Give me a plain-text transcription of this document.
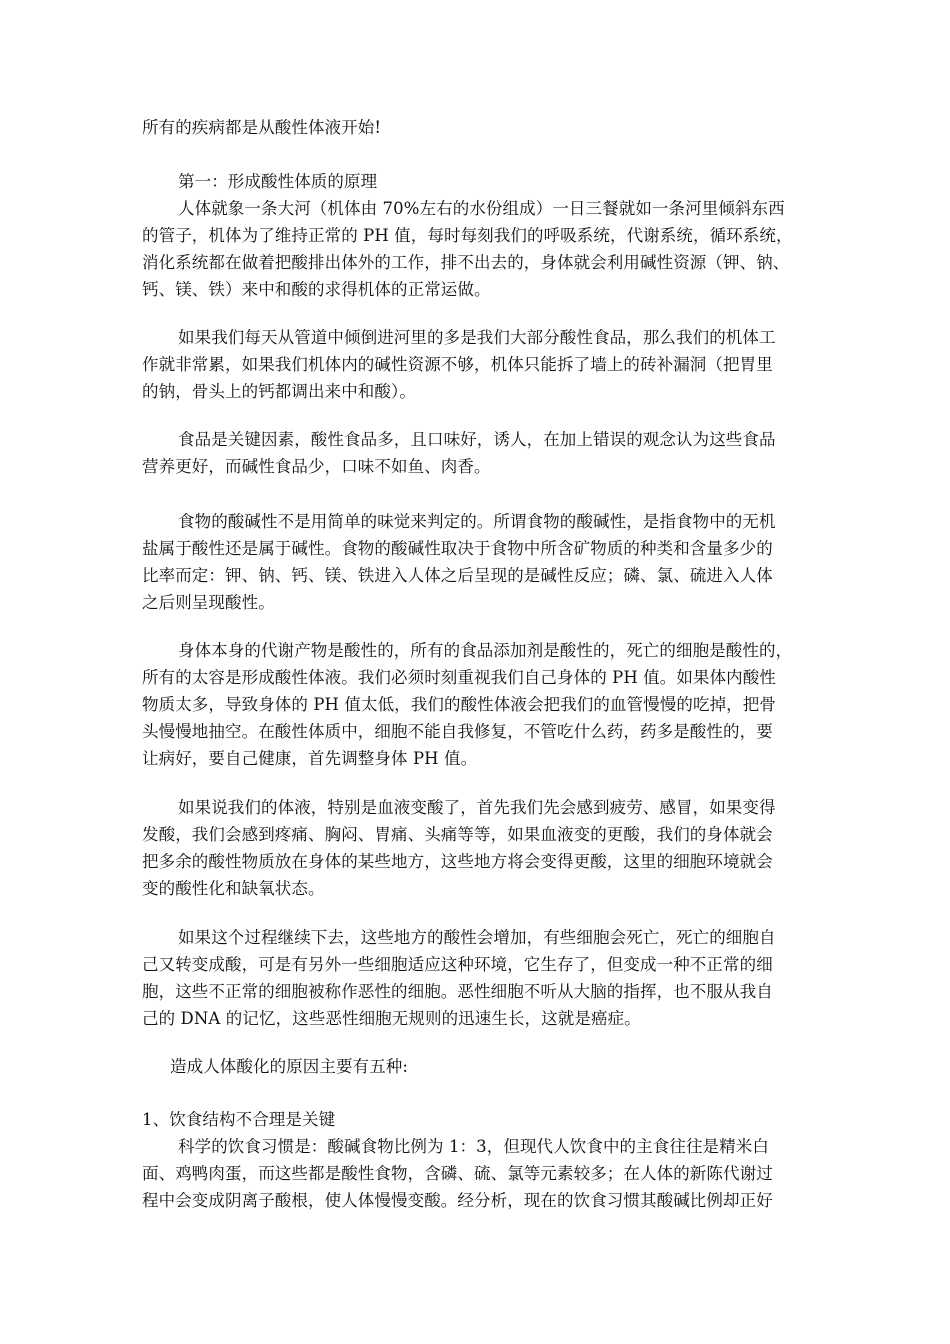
所有的疾病都是从酸性体液开始!
第一：形成酸性体质的原理
人体就象一条大河（机体由 70%左右的水份组成）一日三餐就如一条河里倾斜东西
的管子，机体为了维持正常的 PH 值，每时每刻我们的呼吸系统，代谢系统，循环系统，
消化系统都在做着把酸排出体外的工作，排不出去的，身体就会利用碱性资源（钾、钠、
钙、镁、铁）来中和酸的求得机体的正常运做。
如果我们每天从管道中倾倒进河里的多是我们大部分酸性食品，那么我们的机体工
作就非常累，如果我们机体内的碱性资源不够，机体只能拆了墙上的砖补漏洞（把胃里
的钠，骨头上的钙都调出来中和酸）。
食品是关键因素，酸性食品多，且口味好，诱人，在加上错误的观念认为这些食品
营养更好，而碱性食品少，口味不如鱼、肉香。
食物的酸碱性不是用简单的味觉来判定的。所谓食物的酸碱性，是指食物中的无机
盐属于酸性还是属于碱性。食物的酸碱性取决于食物中所含矿物质的种类和含量多少的
比率而定：钾、钠、钙、镁、铁进入人体之后呈现的是碱性反应；磷、氯、硫进入人体
之后则呈现酸性。
身体本身的代谢产物是酸性的，所有的食品添加剂是酸性的，死亡的细胞是酸性的，
所有的太容是形成酸性体液。我们必须时刻重视我们自己身体的 PH 值。如果体内酸性
物质太多，导致身体的 PH 值太低，我们的酸性体液会把我们的血管慢慢的吃掉，把骨
头慢慢地抽空。在酸性体质中，细胞不能自我修复，不管吃什么药，药多是酸性的，要
让病好，要自己健康，首先调整身体 PH 值。
如果说我们的体液，特别是血液变酸了，首先我们先会感到疲劳、感冒，如果变得
发酸，我们会感到疼痛、胸闷、胃痛、头痛等等，如果血液变的更酸，我们的身体就会
把多余的酸性物质放在身体的某些地方，这些地方将会变得更酸，这里的细胞环境就会
变的酸性化和缺氧状态。
如果这个过程继续下去，这些地方的酸性会增加，有些细胞会死亡，死亡的细胞自
己又转变成酸，可是有另外一些细胞适应这种环境，它生存了，但变成一种不正常的细
胞，这些不正常的细胞被称作恶性的细胞。恶性细胞不听从大脑的指挥，也不服从我自
己的 DNA 的记忆，这些恶性细胞无规则的迅速生长，这就是癌症。
造成人体酸化的原因主要有五种:
1、饮食结构不合理是关键
科学的饮食习惯是：酸碱食物比例为 1：3，但现代人饮食中的主食往往是精米白
面、鸡鸭肉蛋，而这些都是酸性食物，含磷、硫、氯等元素较多；在人体的新陈代谢过
程中会变成阴离子酸根，使人体慢慢变酸。经分析，现在的饮食习惯其酸碱比例却正好
